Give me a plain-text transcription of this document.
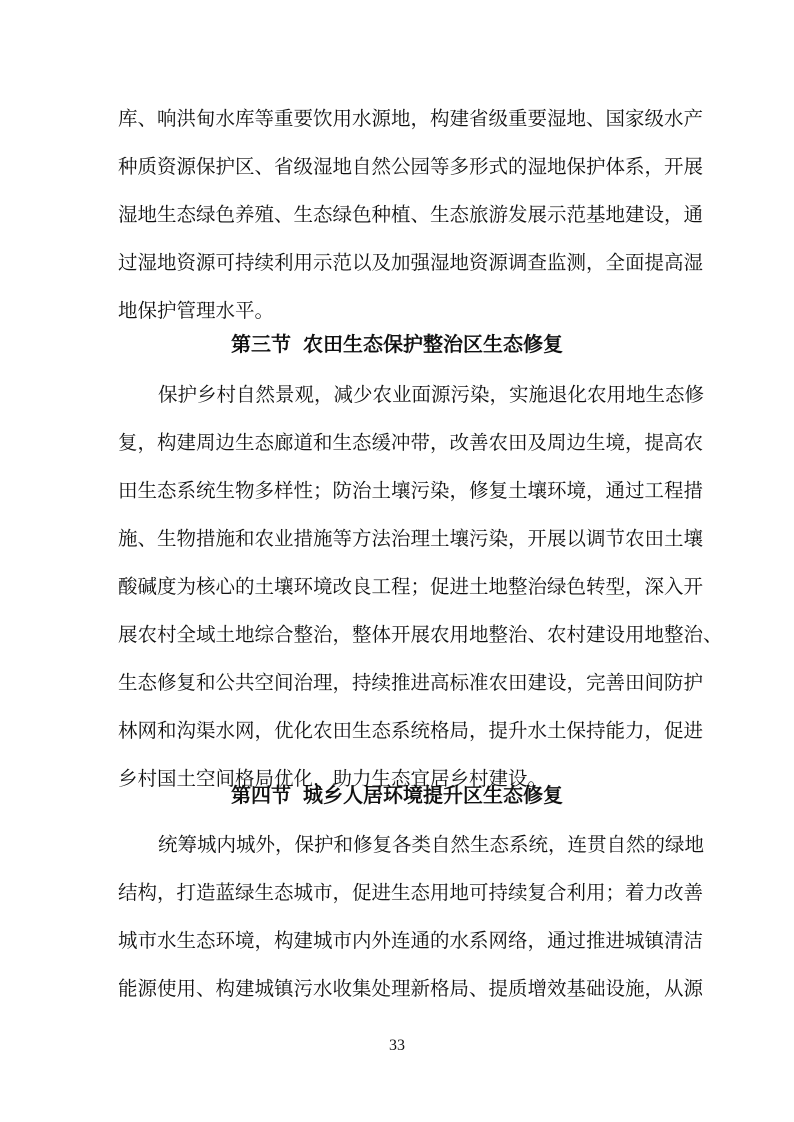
库、响洪甸水库等重要饮用水源地，构建省级重要湿地、国家级水产
种质资源保护区、省级湿地自然公园等多形式的湿地保护体系，开展
湿地生态绿色养殖、生态绿色种植、生态旅游发展示范基地建设，通
过湿地资源可持续利用示范以及加强湿地资源调查监测，全面提高湿
地保护管理水平。
第三节 农田生态保护整治区生态修复
保护乡村自然景观，减少农业面源污染，实施退化农用地生态修
复，构建周边生态廊道和生态缓冲带，改善农田及周边生境，提高农
田生态系统生物多样性；防治土壤污染，修复土壤环境，通过工程措
施、生物措施和农业措施等方法治理土壤污染，开展以调节农田土壤
酸碱度为核心的土壤环境改良工程；促进土地整治绿色转型，深入开
展农村全域土地综合整治，整体开展农用地整治、农村建设用地整治、
生态修复和公共空间治理，持续推进高标准农田建设，完善田间防护
林网和沟渠水网，优化农田生态系统格局，提升水土保持能力，促进
乡村国土空间格局优化，助力生态宜居乡村建设。
第四节 城乡人居环境提升区生态修复
统筹城内城外，保护和修复各类自然生态系统，连贯自然的绿地
结构，打造蓝绿生态城市，促进生态用地可持续复合利用；着力改善
城市水生态环境，构建城市内外连通的水系网络，通过推进城镇清洁
能源使用、构建城镇污水收集处理新格局、提质增效基础设施，从源
33
